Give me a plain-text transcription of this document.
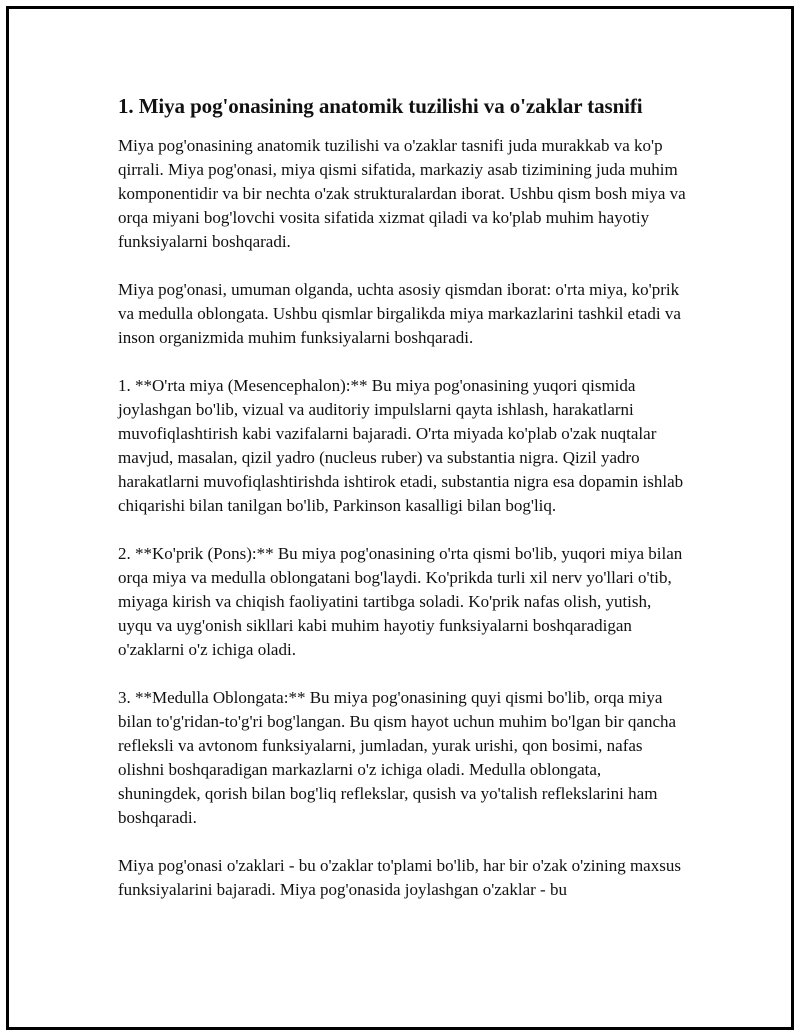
1. Miya pog'onasining anatomik tuzilishi va o'zaklar tasnifi

Miya pog'onasining anatomik tuzilishi va o'zaklar tasnifi juda murakkab va ko'p qirrali. Miya pog'onasi, miya qismi sifatida, markaziy asab tizimining juda muhim komponentidir va bir nechta o'zak strukturalardan iborat. Ushbu qism bosh miya va orqa miyani bog'lovchi vosita sifatida xizmat qiladi va ko'plab muhim hayotiy funksiyalarni boshqaradi.

Miya pog'onasi, umuman olganda, uchta asosiy qismdan iborat: o'rta miya, ko'prik va medulla oblongata. Ushbu qismlar birgalikda miya markazlarini tashkil etadi va inson organizmida muhim funksiyalarni boshqaradi.

1. **O'rta miya (Mesencephalon):** Bu miya pog'onasining yuqori qismida joylashgan bo'lib, vizual va auditoriy impulslarni qayta ishlash, harakatlarni muvofiqlashtirish kabi vazifalarni bajaradi. O'rta miyada ko'plab o'zak nuqtalar mavjud, masalan, qizil yadro (nucleus ruber) va substantia nigra. Qizil yadro harakatlarni muvofiqlashtirishda ishtirok etadi, substantia nigra esa dopamin ishlab chiqarishi bilan tanilgan bo'lib, Parkinson kasalligi bilan bog'liq.

2. **Ko'prik (Pons):** Bu miya pog'onasining o'rta qismi bo'lib, yuqori miya bilan orqa miya va medulla oblongatani bog'laydi. Ko'prikda turli xil nerv yo'llari o'tib, miyaga kirish va chiqish faoliyatini tartibga soladi. Ko'prik nafas olish, yutish, uyqu va uyg'onish sikllari kabi muhim hayotiy funksiyalarni boshqaradigan o'zaklarni o'z ichiga oladi.

3. **Medulla Oblongata:** Bu miya pog'onasining quyi qismi bo'lib, orqa miya bilan to'g'ridan-to'g'ri bog'langan. Bu qism hayot uchun muhim bo'lgan bir qancha refleksli va avtonom funksiyalarni, jumladan, yurak urishi, qon bosimi, nafas olishni boshqaradigan markazlarni o'z ichiga oladi. Medulla oblongata, shuningdek, qorish bilan bog'liq reflekslar, qusish va yo'talish reflekslarini ham boshqaradi.

Miya pog'onasi o'zaklari - bu o'zaklar to'plami bo'lib, har bir o'zak o'zining maxsus funksiyalarini bajaradi. Miya pog'onasida joylashgan o'zaklar - bu
